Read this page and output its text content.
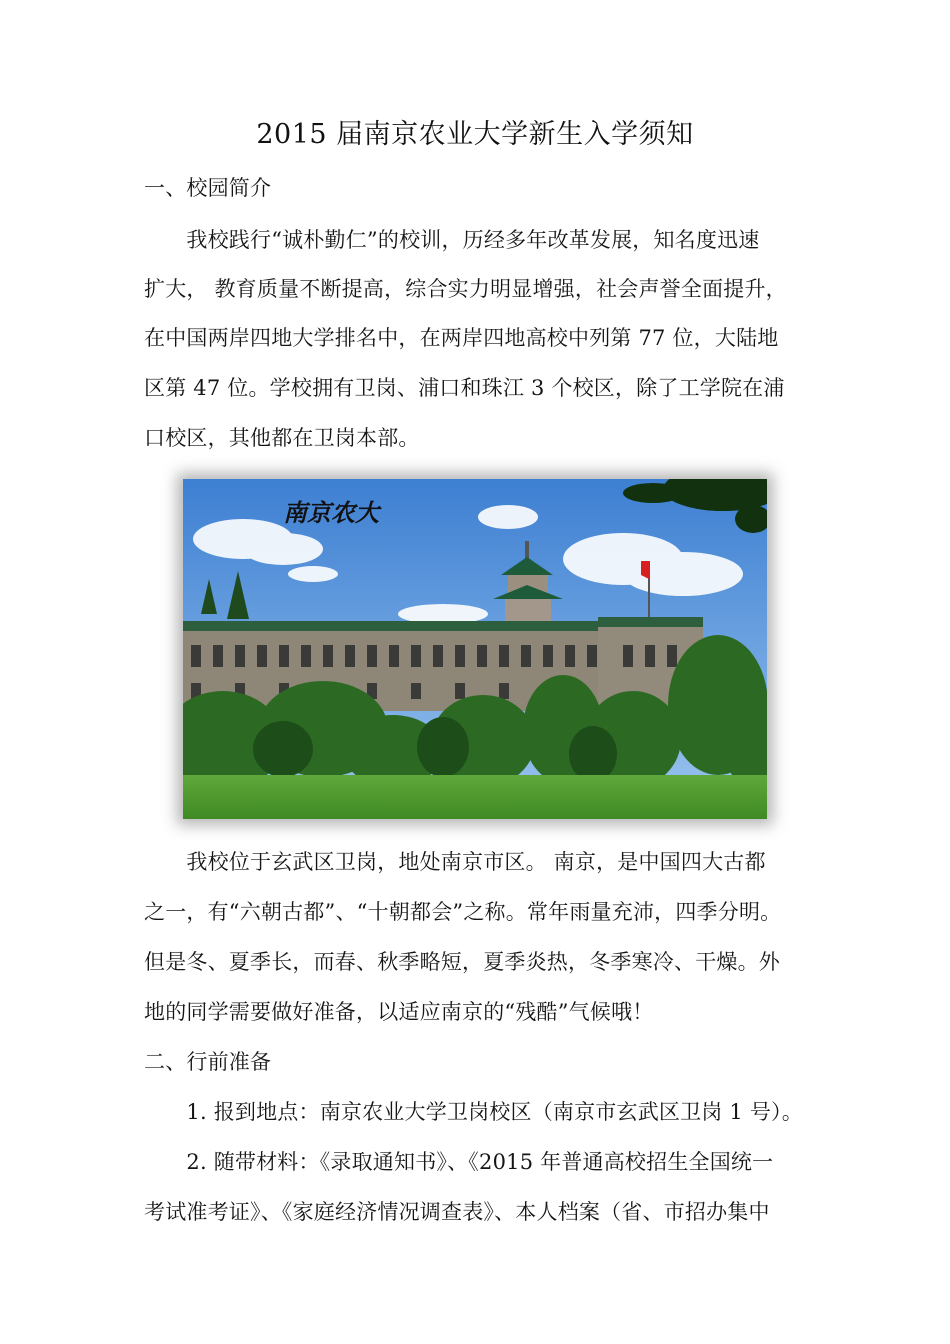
2015 届南京农业大学新生入学须知
一、校园简介
　　我校践行“诚朴勤仁”的校训，历经多年改革发展，知名度迅速
扩大， 教育质量不断提高，综合实力明显增强，社会声誉全面提升，
在中国两岸四地大学排名中，在两岸四地高校中列第 77 位，大陆地
区第 47 位。学校拥有卫岗、浦口和珠江 3 个校区，除了工学院在浦
口校区，其他都在卫岗本部。
南京农大
　　我校位于玄武区卫岗，地处南京市区。 南京，是中国四大古都
之一，有“六朝古都”、“十朝都会”之称。常年雨量充沛，四季分明。
但是冬、夏季长，而春、秋季略短，夏季炎热，冬季寒冷、干燥。外
地的同学需要做好准备，以适应南京的“残酷”气候哦！
二、行前准备
　　1. 报到地点：南京农业大学卫岗校区（南京市玄武区卫岗 1 号）。
　　2. 随带材料：《录取通知书》、《2015 年普通高校招生全国统一
考试准考证》、《家庭经济情况调查表》、本人档案（省、市招办集中
